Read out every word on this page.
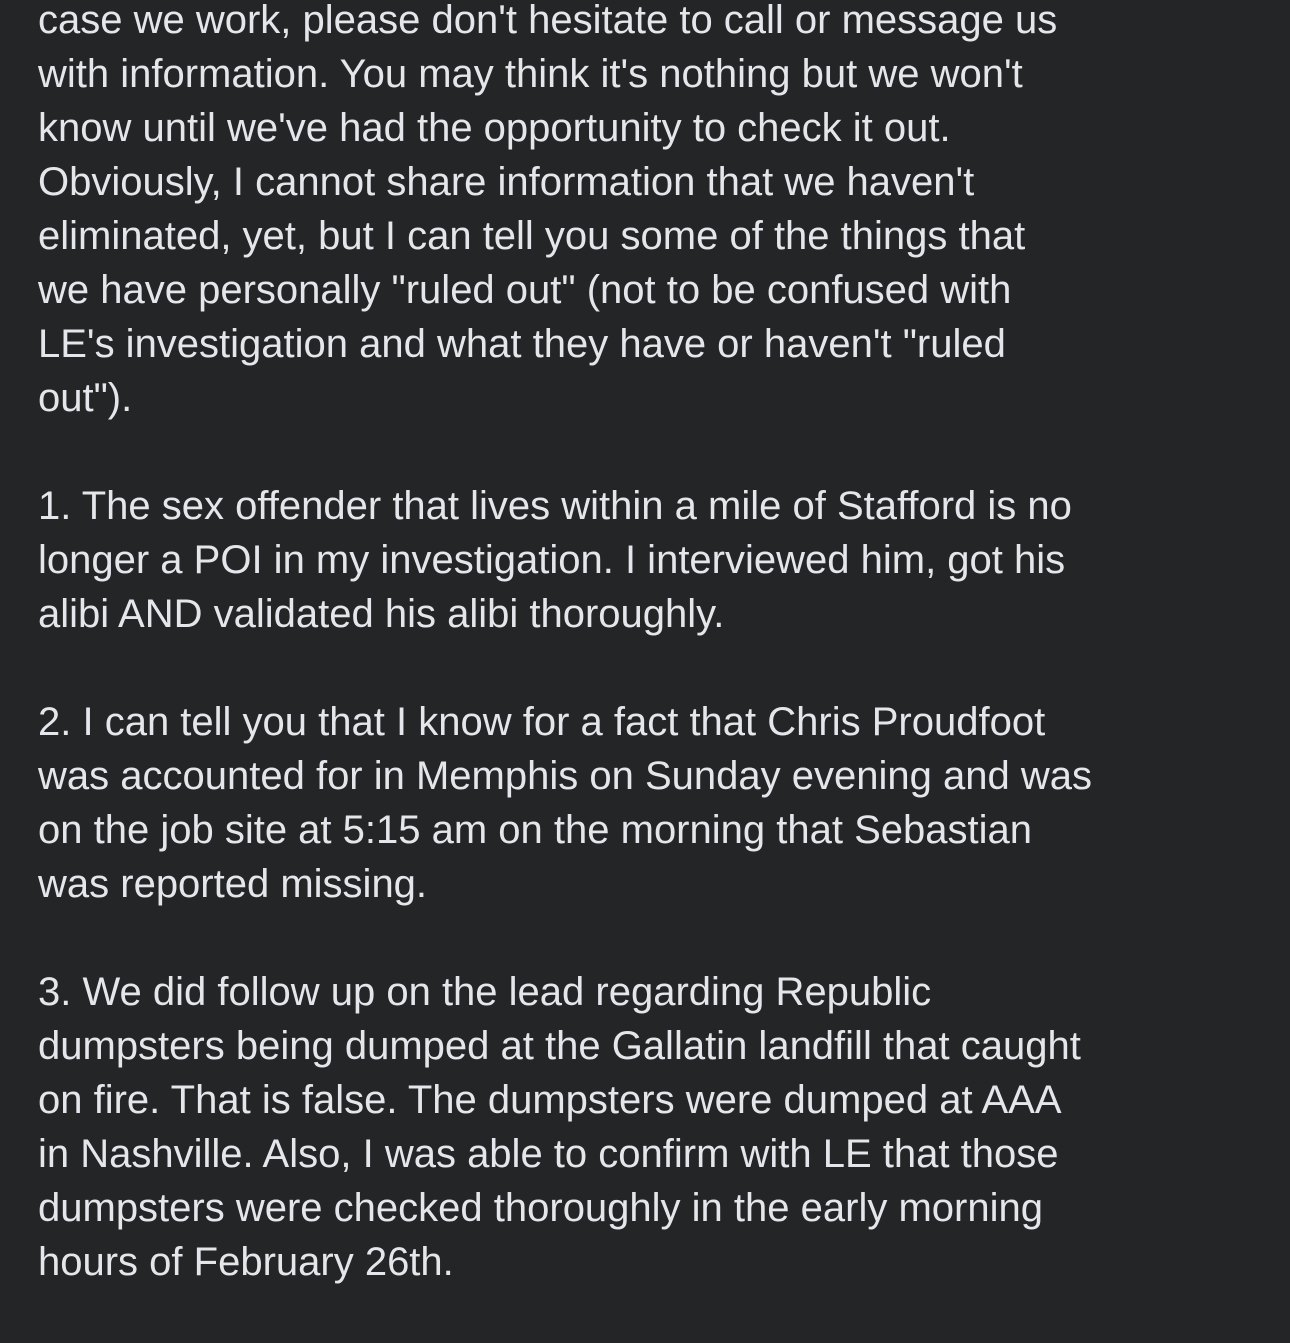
case we work, please don't hesitate to call or message us
with information. You may think it's nothing but we won't
know until we've had the opportunity to check it out.
Obviously, I cannot share information that we haven't
eliminated, yet, but I can tell you some of the things that
we have personally "ruled out" (not to be confused with
LE's investigation and what they have or haven't "ruled
out").
1. The sex offender that lives within a mile of Stafford is no
longer a POI in my investigation. I interviewed him, got his
alibi AND validated his alibi thoroughly.
2. I can tell you that I know for a fact that Chris Proudfoot
was accounted for in Memphis on Sunday evening and was
on the job site at 5:15 am on the morning that Sebastian
was reported missing.
3. We did follow up on the lead regarding Republic
dumpsters being dumped at the Gallatin landfill that caught
on fire. That is false. The dumpsters were dumped at AAA
in Nashville. Also, I was able to confirm with LE that those
dumpsters were checked thoroughly in the early morning
hours of February 26th.
